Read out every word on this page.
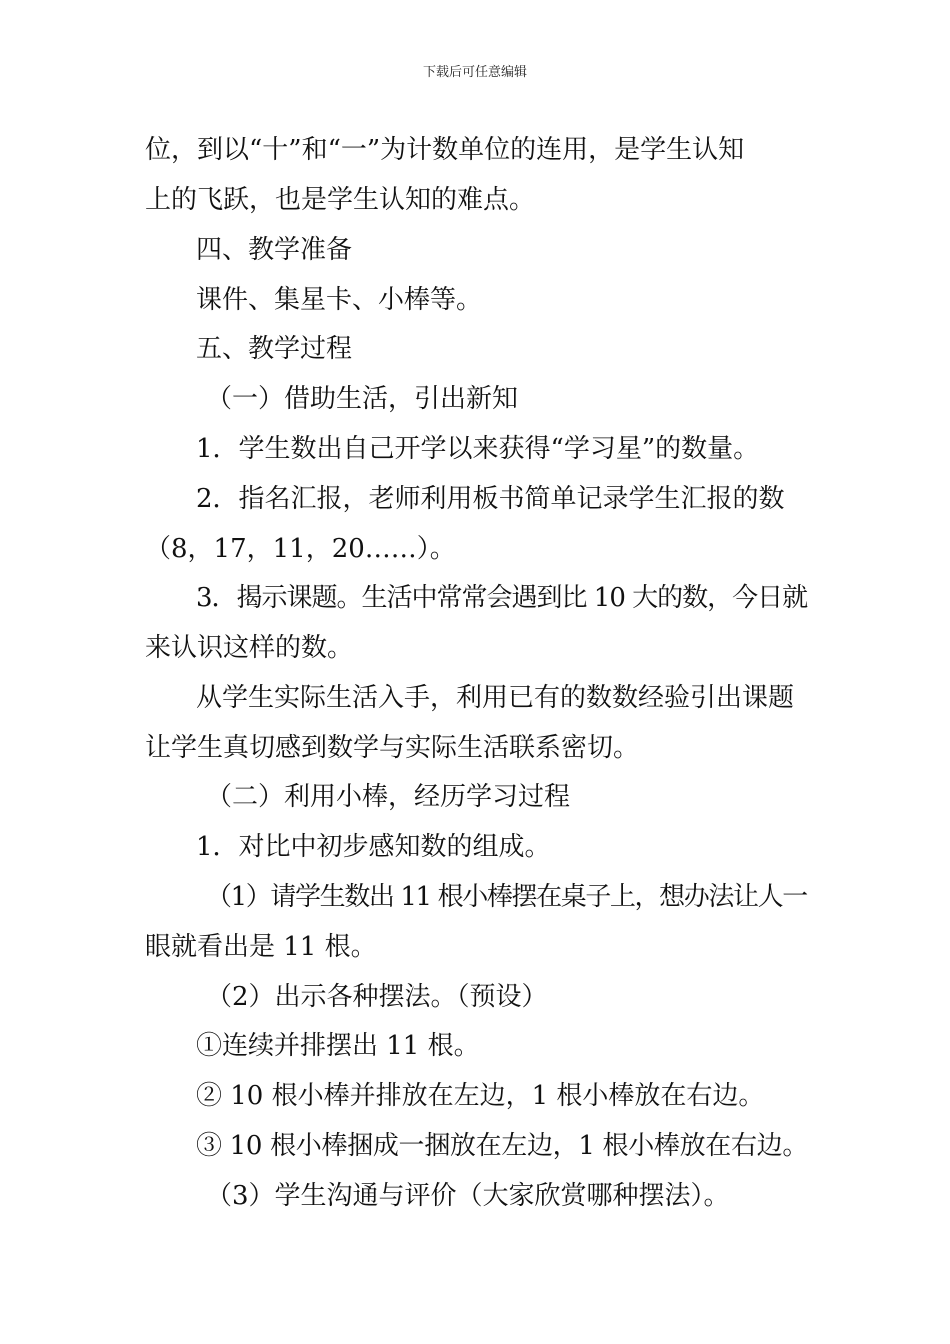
下载后可任意编辑
位，到以“十”和“一”为计数单位的连用，是学生认知
上的飞跃，也是学生认知的难点。
四、教学准备
课件、集星卡、小棒等。
五、教学过程
（一）借助生活，引出新知
1．学生数出自己开学以来获得“学习星”的数量。
2．指名汇报，老师利用板书简单记录学生汇报的数
（8，17，11，20……）。
3．揭示课题。生活中常常会遇到比 10 大的数，今日就
来认识这样的数。
从学生实际生活入手，利用已有的数数经验引出课题
让学生真切感到数学与实际生活联系密切。
（二）利用小棒，经历学习过程
1．对比中初步感知数的组成。
（1）请学生数出 11 根小棒摆在桌子上，想办法让人一
眼就看出是 11 根。
（2）出示各种摆法。（预设）
①连续并排摆出 11 根。
② 10 根小棒并排放在左边，1 根小棒放在右边。
③ 10 根小棒捆成一捆放在左边，1 根小棒放在右边。
（3）学生沟通与评价（大家欣赏哪种摆法）。
